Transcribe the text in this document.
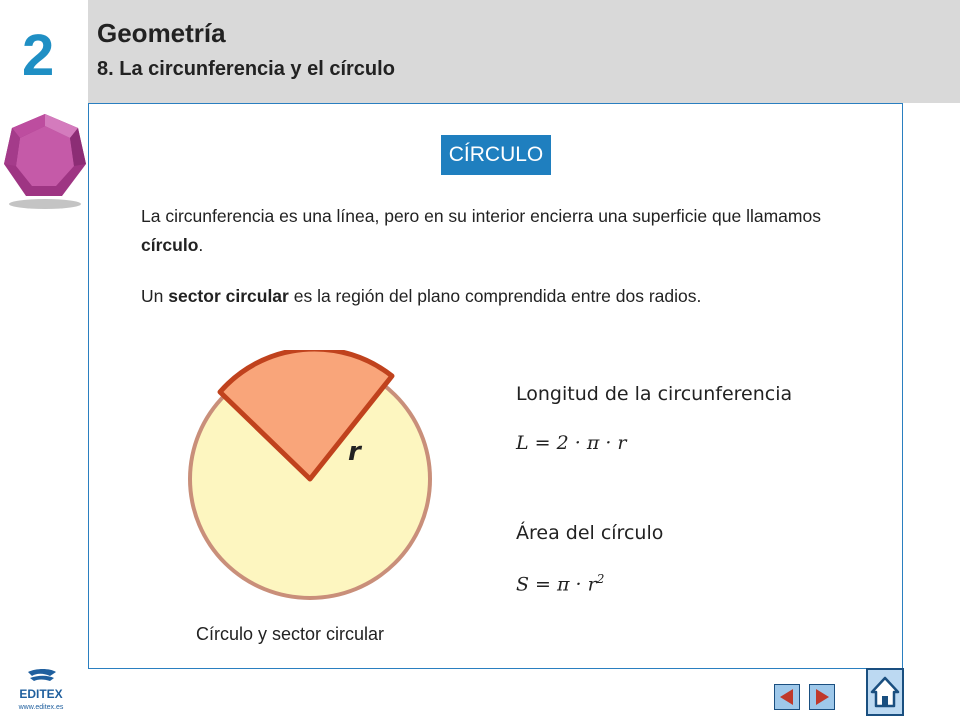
2 Geometría
8. La circunferencia y el círculo
CÍRCULO
La circunferencia es una línea, pero en su interior encierra una superficie que llamamos círculo.
Un sector circular es la región del plano comprendida entre dos radios.
r
Longitud de la circunferencia
L = 2 · π · r
Área del círculo
$S = \pi \cdot r^2$
Círculo y sector circular
EDITEX
www.editex.es
